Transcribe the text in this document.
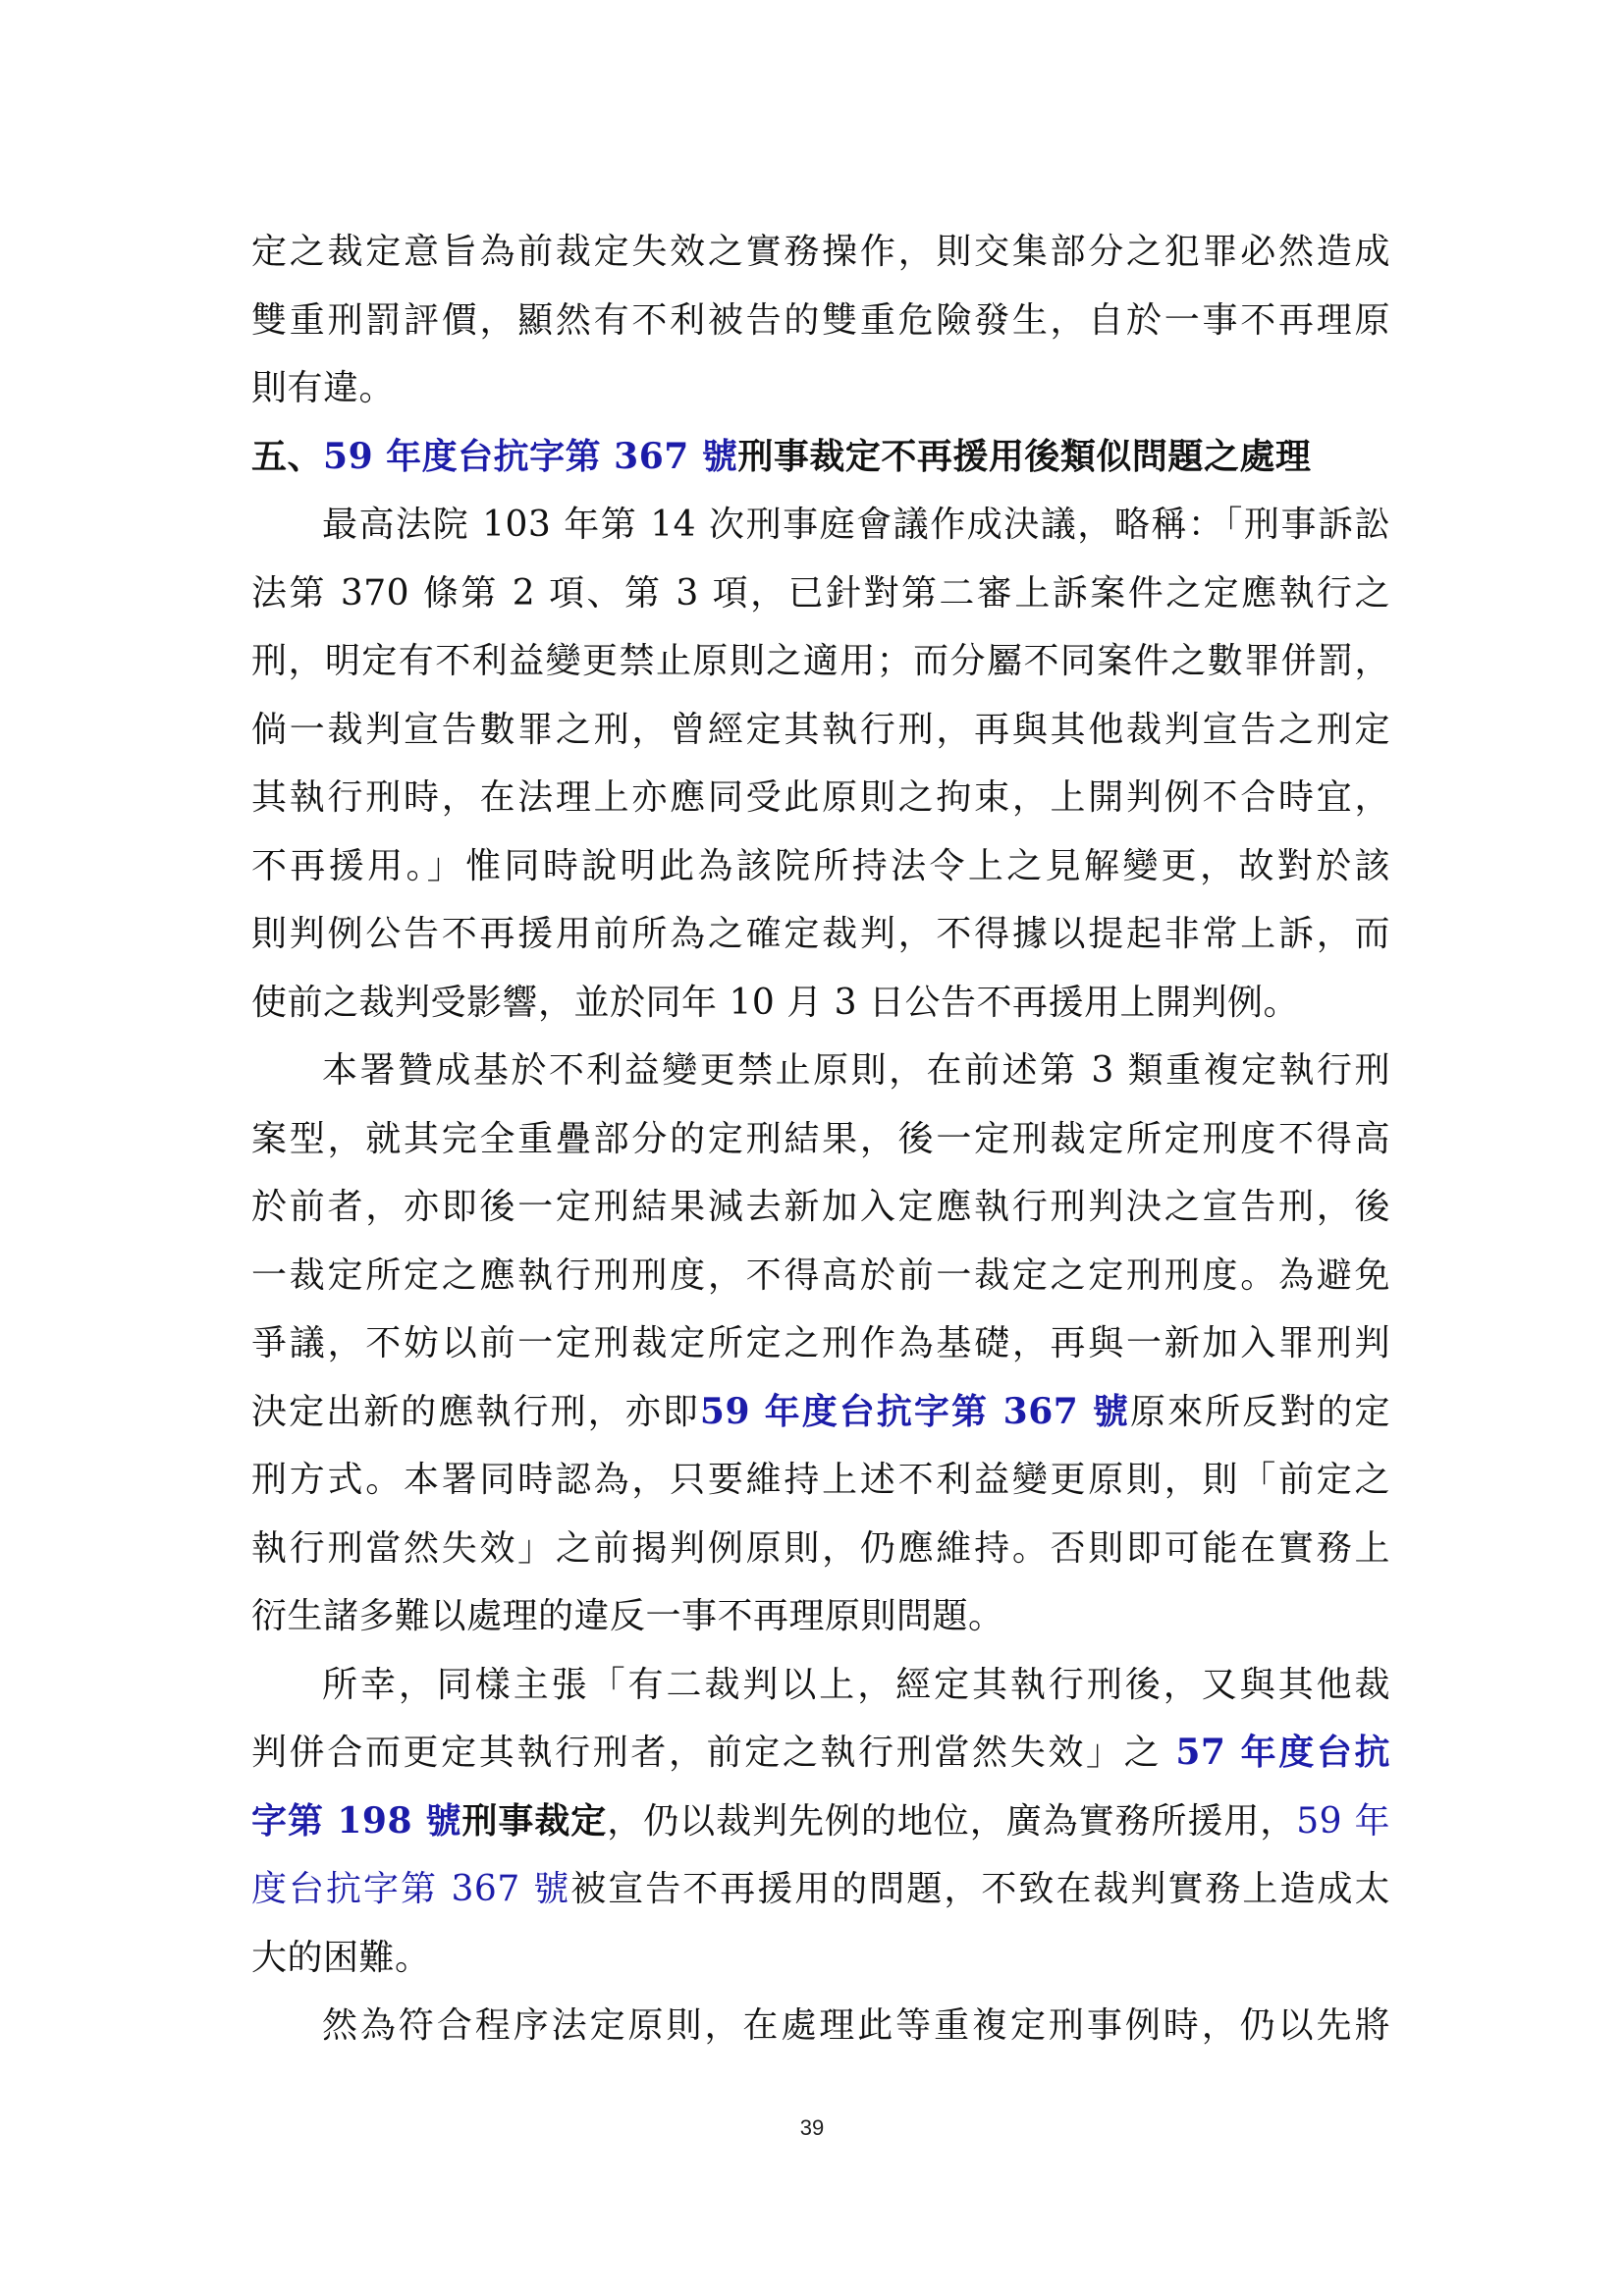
定之裁定意旨為前裁定失效之實務操作，則交集部分之犯罪必然造成
雙重刑罰評價，顯然有不利被告的雙重危險發生，自於一事不再理原
則有違。
五、59 年度台抗字第 367 號刑事裁定不再援用後類似問題之處理
最高法院 103 年第 14 次刑事庭會議作成決議，略稱：「刑事訴訟
法第 370 條第 2 項、第 3 項，已針對第二審上訴案件之定應執行之
刑，明定有不利益變更禁止原則之適用；而分屬不同案件之數罪併罰，
倘一裁判宣告數罪之刑，曾經定其執行刑，再與其他裁判宣告之刑定
其執行刑時，在法理上亦應同受此原則之拘束，上開判例不合時宜，
不再援用。」惟同時說明此為該院所持法令上之見解變更，故對於該
則判例公告不再援用前所為之確定裁判，不得據以提起非常上訴，而
使前之裁判受影響，並於同年 10 月 3 日公告不再援用上開判例。
本署贊成基於不利益變更禁止原則，在前述第 3 類重複定執行刑
案型，就其完全重疊部分的定刑結果，後一定刑裁定所定刑度不得高
於前者，亦即後一定刑結果減去新加入定應執行刑判決之宣告刑，後
一裁定所定之應執行刑刑度，不得高於前一裁定之定刑刑度。為避免
爭議，不妨以前一定刑裁定所定之刑作為基礎，再與一新加入罪刑判
決定出新的應執行刑，亦即59 年度台抗字第 367 號原來所反對的定
刑方式。本署同時認為，只要維持上述不利益變更原則，則「前定之
執行刑當然失效」之前揭判例原則，仍應維持。否則即可能在實務上
衍生諸多難以處理的違反一事不再理原則問題。
所幸，同樣主張「有二裁判以上，經定其執行刑後，又與其他裁
判併合而更定其執行刑者，前定之執行刑當然失效」之 57 年度台抗
字第 198 號刑事裁定，仍以裁判先例的地位，廣為實務所援用，59 年
度台抗字第 367 號被宣告不再援用的問題，不致在裁判實務上造成太
大的困難。
然為符合程序法定原則，在處理此等重複定刑事例時，仍以先將
39
